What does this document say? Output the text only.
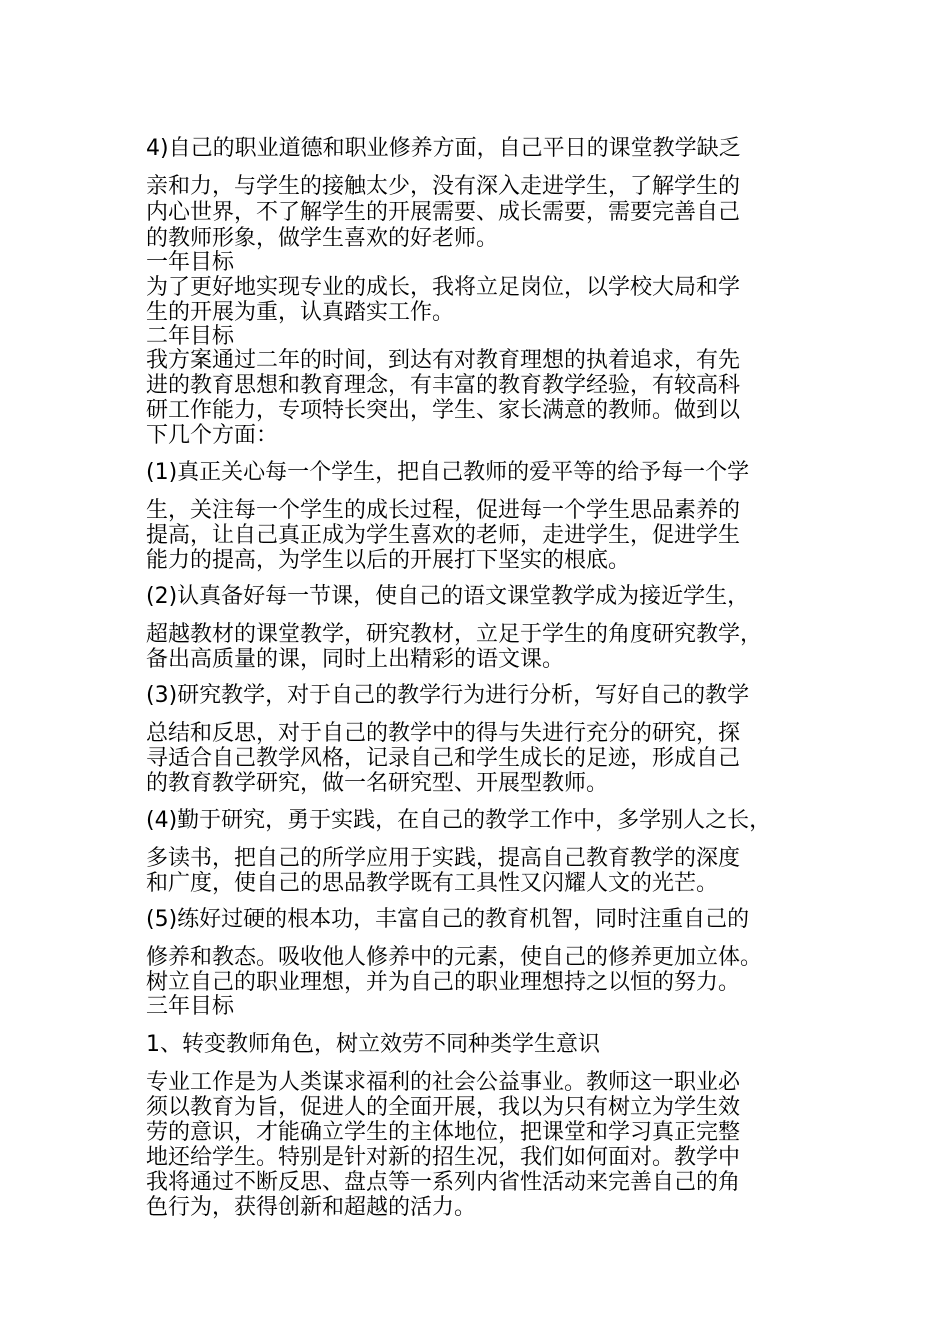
4)自己的职业道德和职业修养方面，自己平日的课堂教学缺乏

亲和力，与学生的接触太少，没有深入走进学生，了解学生的

内心世界，不了解学生的开展需要、成长需要，需要完善自己

的教师形象，做学生喜欢的好老师。

一年目标

为了更好地实现专业的成长，我将立足岗位，以学校大局和学

生的开展为重，认真踏实工作。

二年目标

我方案通过二年的时间，到达有对教育理想的执着追求，有先

进的教育思想和教育理念，有丰富的教育教学经验，有较高科

研工作能力，专项特长突出，学生、家长满意的教师。做到以

下几个方面：

(1)真正关心每一个学生，把自己教师的爱平等的给予每一个学

生，关注每一个学生的成长过程，促进每一个学生思品素养的

提高，让自己真正成为学生喜欢的老师，走进学生，促进学生

能力的提高，为学生以后的开展打下坚实的根底。

(2)认真备好每一节课，使自己的语文课堂教学成为接近学生，

超越教材的课堂教学，研究教材，立足于学生的角度研究教学，

备出高质量的课，同时上出精彩的语文课。

(3)研究教学，对于自己的教学行为进行分析，写好自己的教学

总结和反思，对于自己的教学中的得与失进行充分的研究，探

寻适合自己教学风格，记录自己和学生成长的足迹，形成自己

的教育教学研究，做一名研究型、开展型教师。

(4)勤于研究，勇于实践，在自己的教学工作中，多学别人之长，

多读书，把自己的所学应用于实践，提高自己教育教学的深度

和广度，使自己的思品教学既有工具性又闪耀人文的光芒。

(5)练好过硬的根本功，丰富自己的教育机智，同时注重自己的

修养和教态。吸收他人修养中的元素，使自己的修养更加立体。

树立自己的职业理想，并为自己的职业理想持之以恒的努力。

三年目标

1、转变教师角色，树立效劳不同种类学生意识

专业工作是为人类谋求福利的社会公益事业。教师这一职业必

须以教育为旨，促进人的全面开展，我以为只有树立为学生效

劳的意识，才能确立学生的主体地位，把课堂和学习真正完整

地还给学生。特别是针对新的招生况，我们如何面对。教学中

我将通过不断反思、盘点等一系列内省性活动来完善自己的角

色行为，获得创新和超越的活力。
